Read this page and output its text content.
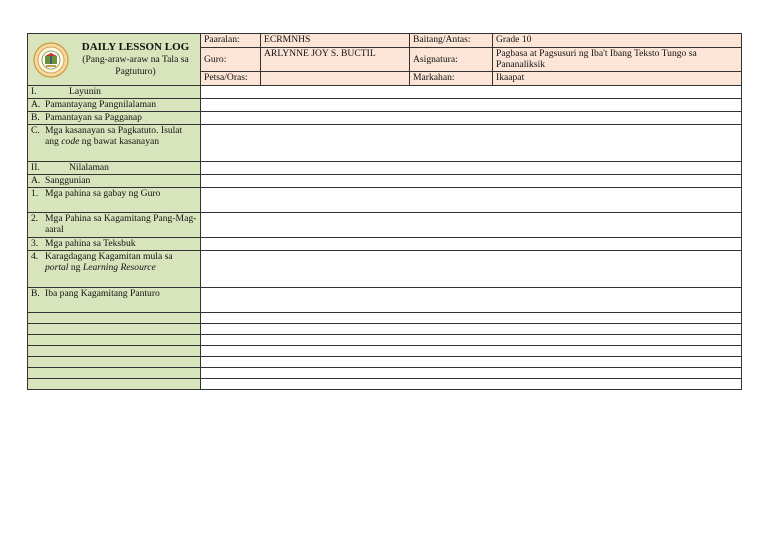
DAILY LESSON LOG
(Pang-araw-araw na Tala sa Pagtuturo)	Paaralan:	ECRMNHS	Baitang/Antas:	Grade 10
	Guro:	ARLYNNE JOY S. BUCTIL	Asignatura:	Pagbasa at Pagsusuri ng Iba't Ibang Teksto Tungo sa Pananaliksik
	Petsa/Oras:		Markahan:	Ikaapat

I. Layunin				

A. Pamantayang Pangnilalaman				

B. Pamantayan sa Pagganap				

C. Mga kasanayan sa Pagkatuto. Isulat ang code ng bawat kasanayan				

II. Nilalaman				

A. Sanggunian				

1. Mga pahina sa gabay ng Guro				

2. Mga Pahina sa Kagamitang Pang-Mag-aaral				

3. Mga pahina sa Teksbuk				

4. Karagdagang Kagamitan mula sa portal ng Learning Resource				

B. Iba pang Kagamitang Panturo				
